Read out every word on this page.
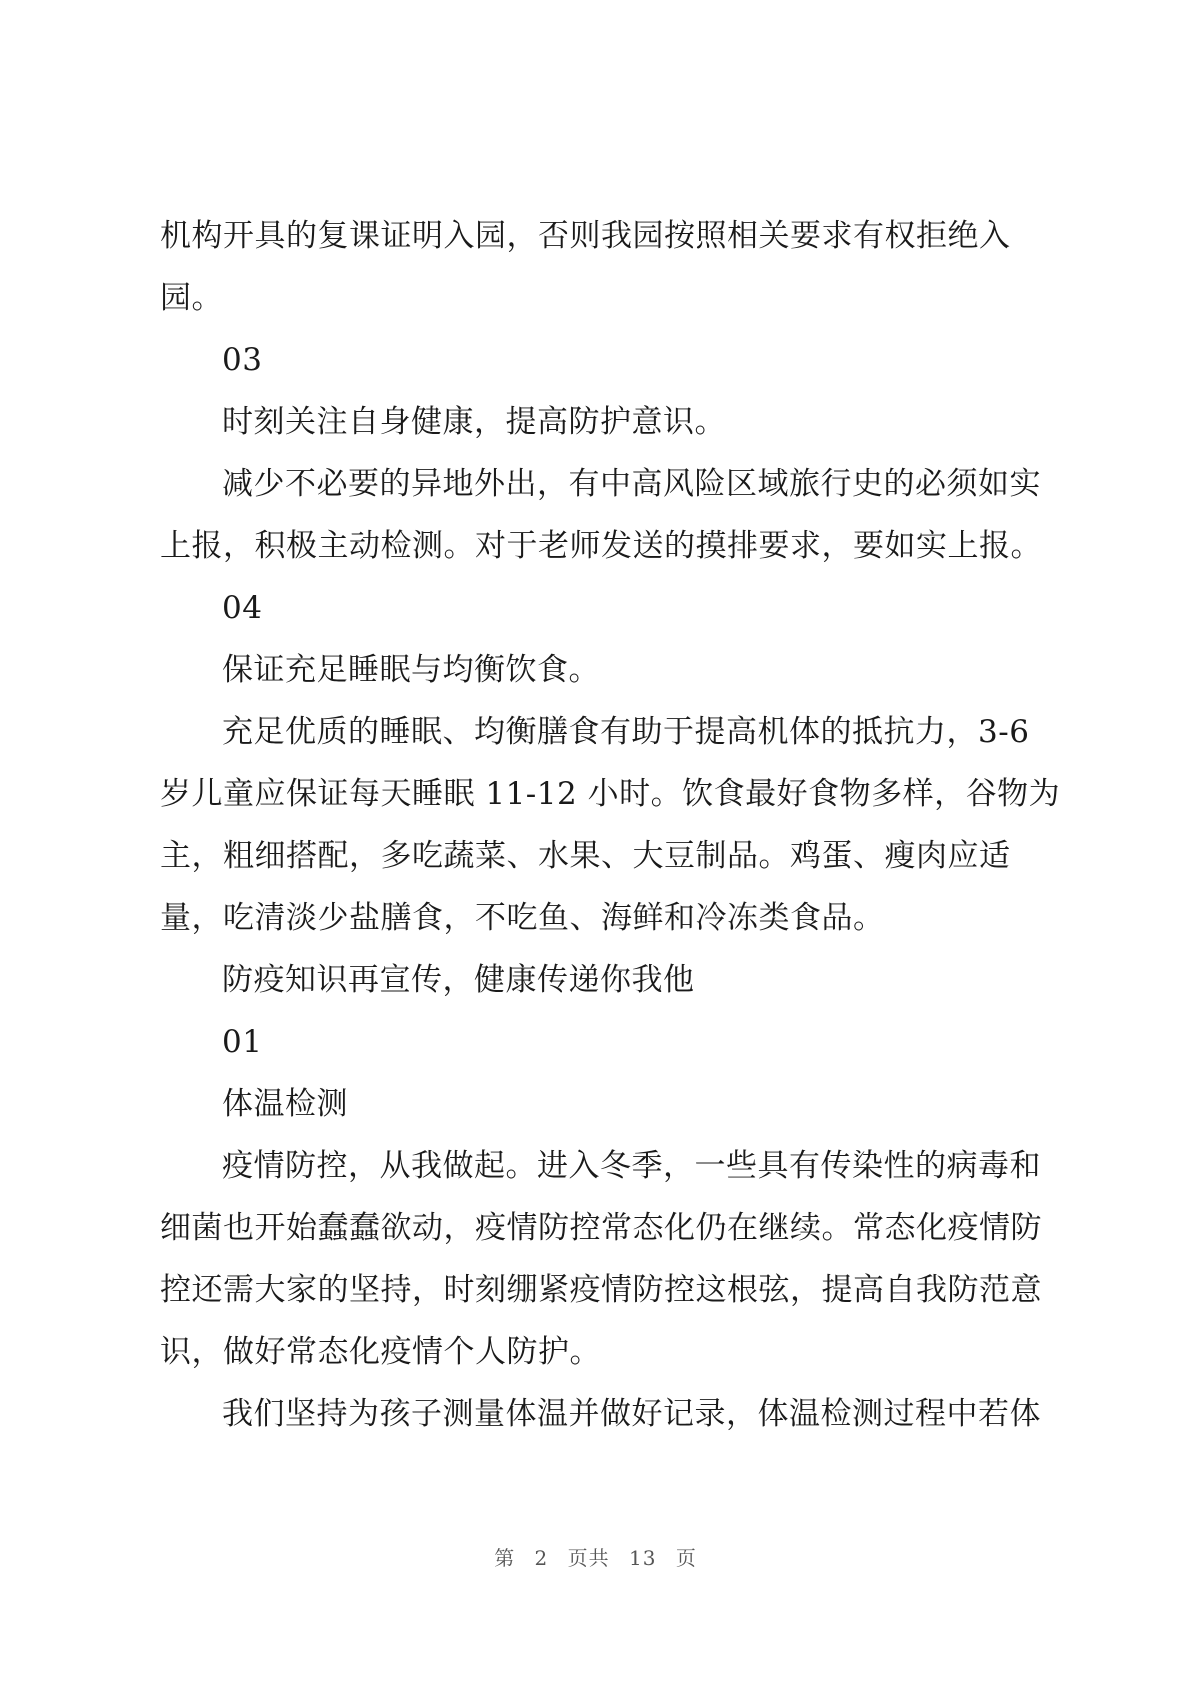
机构开具的复课证明入园，否则我园按照相关要求有权拒绝入
园。
03
时刻关注自身健康，提高防护意识。
减少不必要的异地外出，有中高风险区域旅行史的必须如实
上报，积极主动检测。对于老师发送的摸排要求，要如实上报。
04
保证充足睡眠与均衡饮食。
充足优质的睡眠、均衡膳食有助于提高机体的抵抗力，3-6
岁儿童应保证每天睡眠 11-12 小时。饮食最好食物多样，谷物为
主，粗细搭配，多吃蔬菜、水果、大豆制品。鸡蛋、瘦肉应适
量，吃清淡少盐膳食，不吃鱼、海鲜和冷冻类食品。
防疫知识再宣传，健康传递你我他
01
体温检测
疫情防控，从我做起。进入冬季，一些具有传染性的病毒和
细菌也开始蠢蠢欲动，疫情防控常态化仍在继续。常态化疫情防
控还需大家的坚持，时刻绷紧疫情防控这根弦，提高自我防范意
识，做好常态化疫情个人防护。
我们坚持为孩子测量体温并做好记录，体温检测过程中若体
第 2 页共 13 页
